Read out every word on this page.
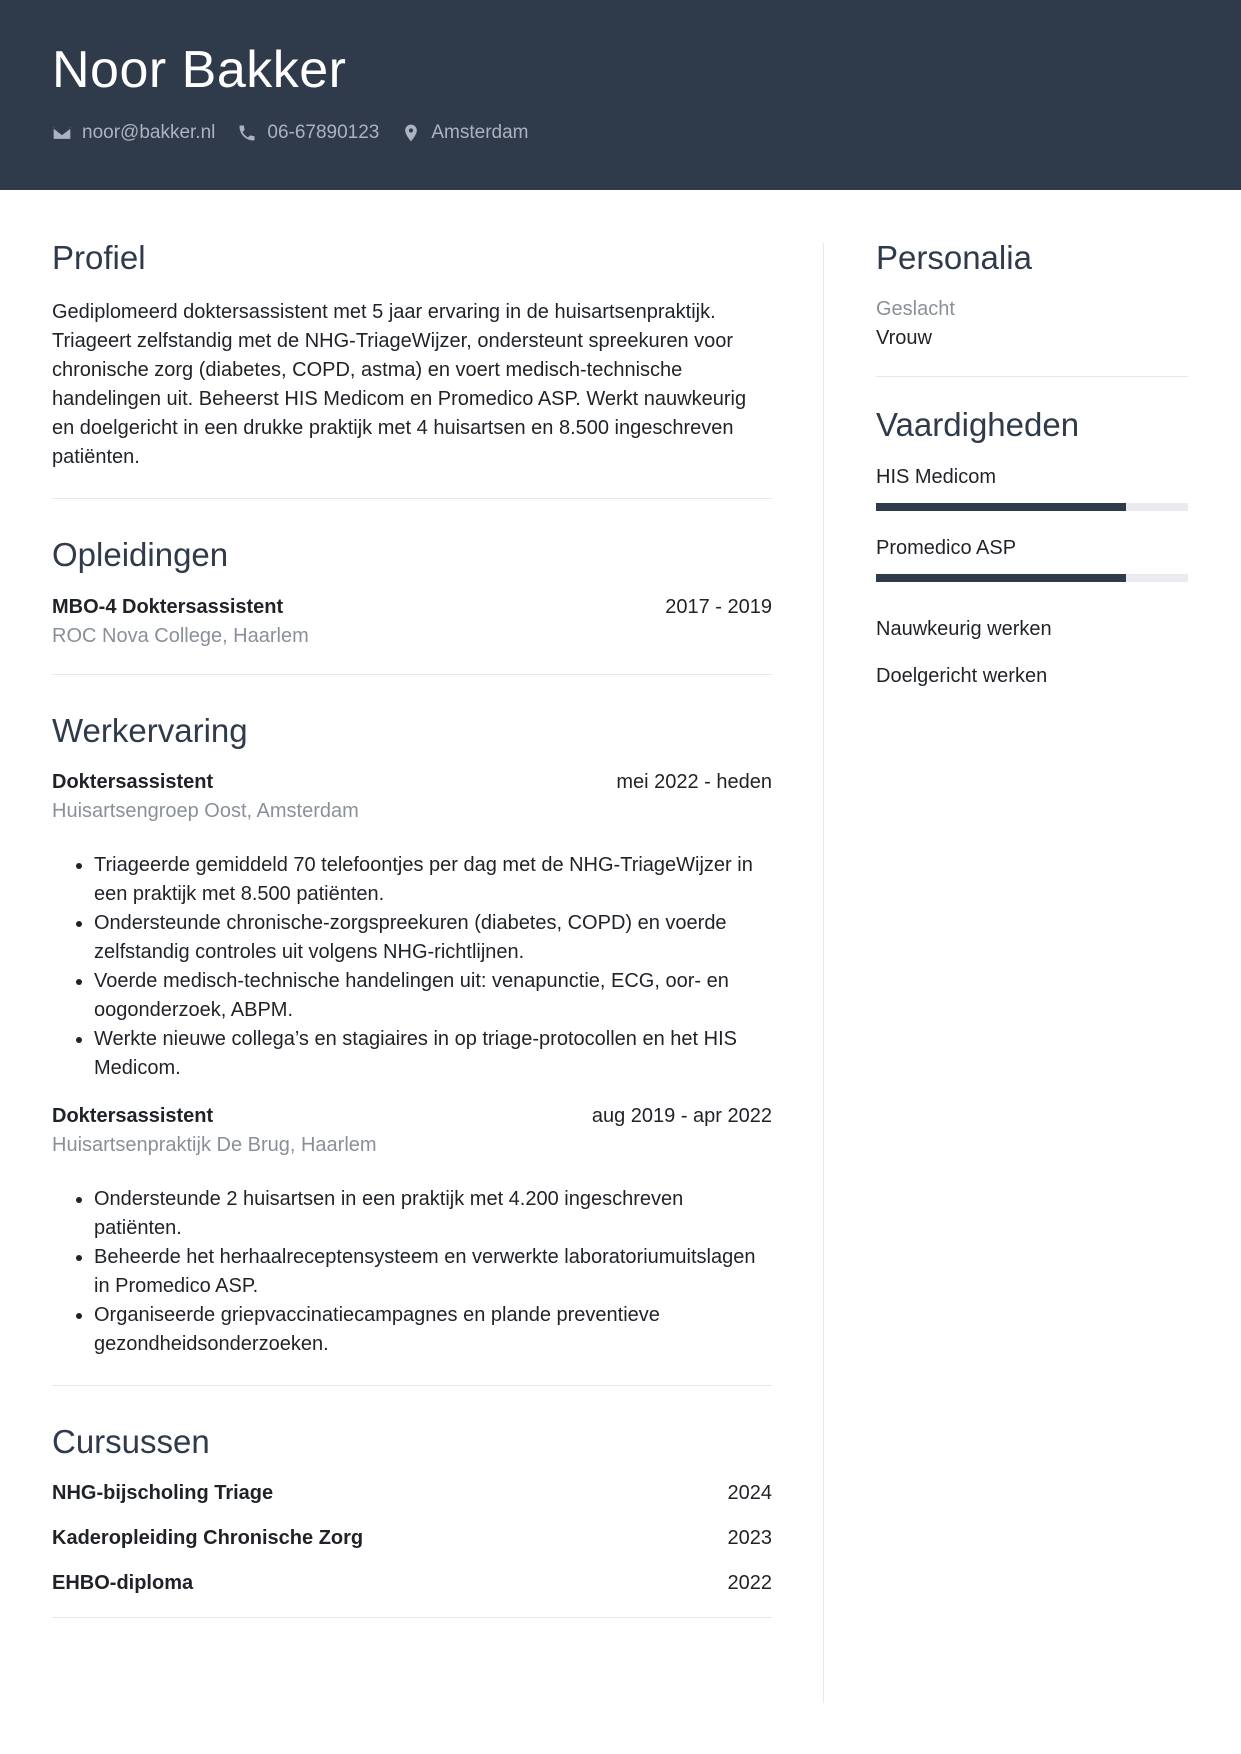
Noor Bakker
noor@bakker.nl	06-67890123	Amsterdam
Profiel

Gediplomeerd doktersassistent met 5 jaar ervaring in de huisartsenpraktijk. Triageert zelfstandig met de NHG-TriageWijzer, ondersteunt spreekuren voor chronische zorg (diabetes, COPD, astma) en voert medisch-technische handelingen uit. Beheerst HIS Medicom en Promedico ASP. Werkt nauwkeurig en doelgericht in een drukke praktijk met 4 huisartsen en 8.500 ingeschreven patiënten.

Opleidingen
MBO-4 Doktersassistent	2017 - 2019
ROC Nova College, Haarlem
Werkervaring
Doktersassistent	mei 2022 - heden
Huisartsengroep Oost, Amsterdam
• Triageerde gemiddeld 70 telefoontjes per dag met de NHG-TriageWijzer in een praktijk met 8.500 patiënten.
• Ondersteunde chronische-zorgspreekuren (diabetes, COPD) en voerde zelfstandig controles uit volgens NHG-richtlijnen.
• Voerde medisch-technische handelingen uit: venapunctie, ECG, oor- en oogonderzoek, ABPM.
• Werkte nieuwe collega’s en stagiaires in op triage-protocollen en het HIS Medicom.
Doktersassistent	aug 2019 - apr 2022
Huisartsenpraktijk De Brug, Haarlem
• Ondersteunde 2 huisartsen in een praktijk met 4.200 ingeschreven patiënten.
• Beheerde het herhaalreceptensysteem en verwerkte laboratoriumuitslagen in Promedico ASP.
• Organiseerde griepvaccinatiecampagnes en plande preventieve gezondheidsonderzoeken.
Cursussen
NHG-bijscholing Triage	2024
Kaderopleiding Chronische Zorg	2023
EHBO-diploma	2022
Personalia
Geslacht
Vrouw
Vaardigheden
HIS Medicom
Promedico ASP
Nauwkeurig werken
Doelgericht werken
